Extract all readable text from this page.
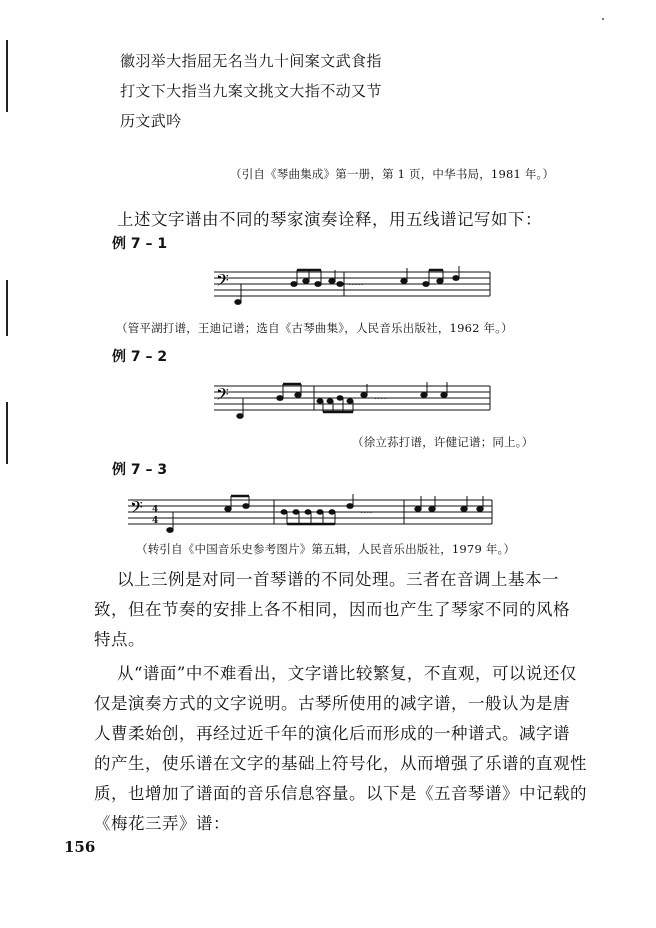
徽羽举大指屈无名当九十间案文武食指
打文下大指当九案文挑文大指不动又节
历文武吟
（引自《琴曲集成》第一册，第 1 页，中华书局，1981 年。）
上述文字谱由不同的琴家演奏诠释，用五线谱记写如下：
例 7 – 1
𝄢	·····
（管平湖打谱，王迪记谱；选自《古琴曲集》，人民音乐出版社，1962 年。）
例 7 – 2
𝄢	····
（徐立荪打谱，许健记谱；同上。）
例 7 – 3
𝄢 4
4
····
（转引自《中国音乐史参考图片》第五辑，人民音乐出版社，1979 年。）
以上三例是对同一首琴谱的不同处理。三者在音调上基本一
致，但在节奏的安排上各不相同，因而也产生了琴家不同的风格
特点。
从“谱面”中不难看出，文字谱比较繁复，不直观，可以说还仅
仅是演奏方式的文字说明。古琴所使用的减字谱，一般认为是唐
人曹柔始创，再经过近千年的演化后而形成的一种谱式。减字谱
的产生，使乐谱在文字的基础上符号化，从而增强了乐谱的直观性
质，也增加了谱面的音乐信息容量。以下是《五音琴谱》中记载的
《梅花三弄》谱：
156
